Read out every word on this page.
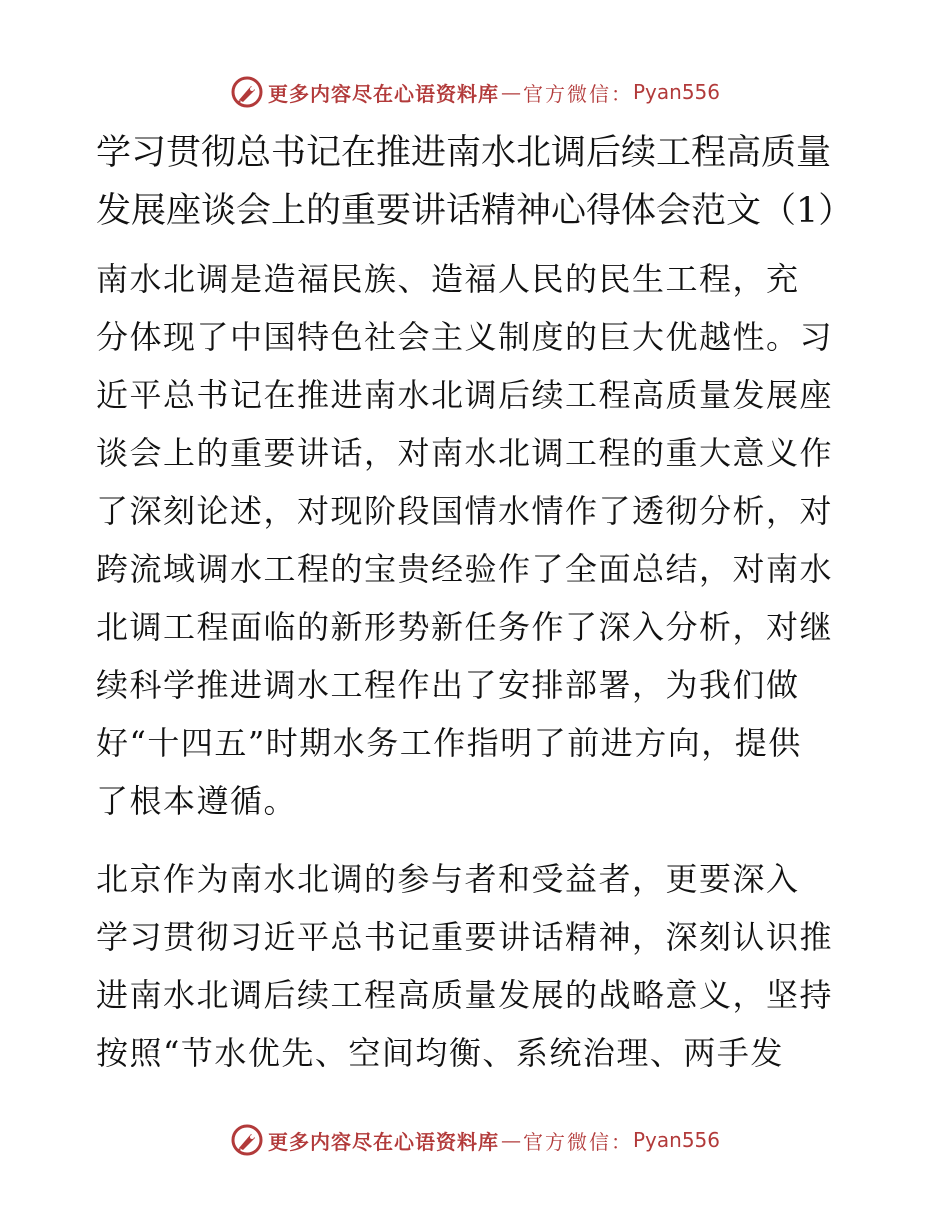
更多内容尽在心语资料库 — 官方微信： Pyan556
学习贯彻总书记在推进南水北调后续工程高质量
发展座谈会上的重要讲话精神心得体会范文（1）

南水北调是造福民族、造福人民的民生工程，充
分体现了中国特色社会主义制度的巨大优越性。习
近平总书记在推进南水北调后续工程高质量发展座
谈会上的重要讲话，对南水北调工程的重大意义作
了深刻论述，对现阶段国情水情作了透彻分析，对
跨流域调水工程的宝贵经验作了全面总结，对南水
北调工程面临的新形势新任务作了深入分析，对继
续科学推进调水工程作出了安排部署，为我们做
好“十四五”时期水务工作指明了前进方向，提供
了根本遵循。

北京作为南水北调的参与者和受益者，更要深入
学习贯彻习近平总书记重要讲话精神，深刻认识推
进南水北调后续工程高质量发展的战略意义，坚持
按照“节水优先、空间均衡、系统治理、两手发

更多内容尽在心语资料库 — 官方微信： Pyan556
